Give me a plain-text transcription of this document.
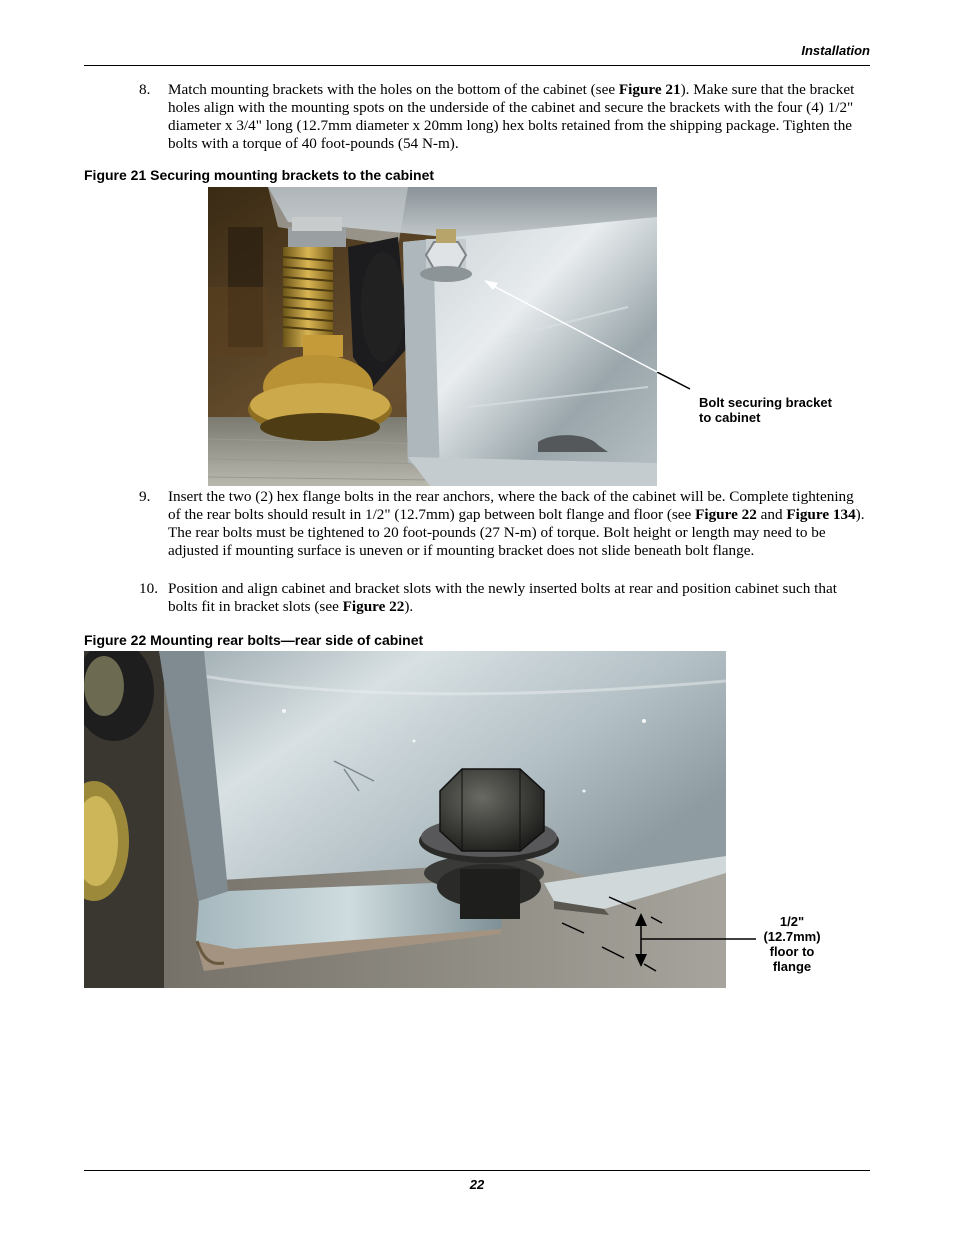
Installation
8.	Match mounting brackets with the holes on the bottom of the cabinet (see Figure 21). Make sure that the bracket holes align with the mounting spots on the underside of the cabinet and secure the brackets with the four (4) 1/2" diameter x 3/4" long (12.7mm diameter x 20mm long) hex bolts retained from the shipping package. Tighten the bolts with a torque of 40 foot-pounds (54 N-m).
Figure 21 Securing mounting brackets to the cabinet
Bolt securing bracket
to cabinet
9.	Insert the two (2) hex flange bolts in the rear anchors, where the back of the cabinet will be. Complete tightening of the rear bolts should result in 1/2" (12.7mm) gap between bolt flange and floor (see Figure 22 and Figure 134). The rear bolts must be tightened to 20 foot-pounds (27 N-m) of torque. Bolt height or length may need to be adjusted if mounting surface is uneven or if mounting bracket does not slide beneath bolt flange.
10. Position and align cabinet and bracket slots with the newly inserted bolts at rear and position cabinet such that bolts fit in bracket slots (see Figure 22).
Figure 22 Mounting rear bolts—rear side of cabinet
1/2"
(12.7mm)
floor to
flange
22
